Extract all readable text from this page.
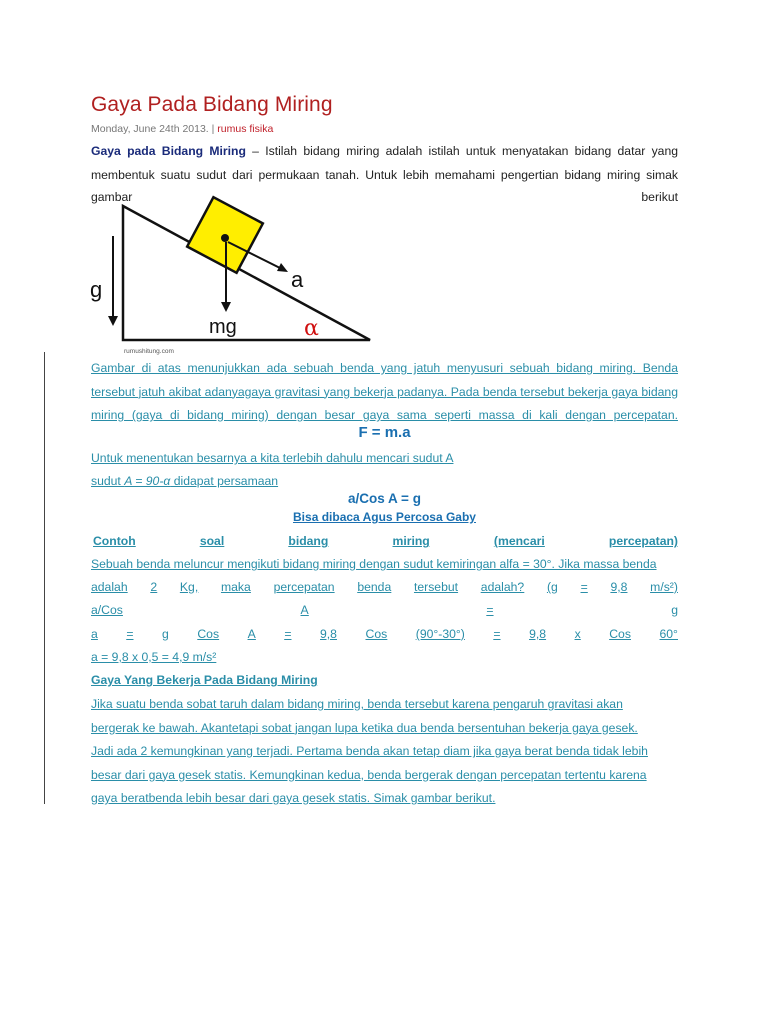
Gaya Pada Bidang Miring
Monday, June 24th 2013. | rumus fisika

Gaya pada Bidang Miring – Istilah bidang miring adalah istilah untuk menyatakan bidang datar yang membentuk suatu sudut dari permukaan tanah. Untuk lebih memahami pengertian bidang miring simak

gambar	berikut
g	a
mg	α
rumushitung.com

Gambar di atas menunjukkan ada sebuah benda yang jatuh menyusuri sebuah bidang miring. Benda tersebut jatuh akibat adanyagaya gravitasi yang bekerja padanya. Pada benda tersebut bekerja gaya bidang miring (gaya di bidang miring) dengan besar gaya sama seperti massa di kali dengan percepatan.

F = m.a
Untuk menentukan besarnya a kita terlebih dahulu mencari sudut A
sudut A = 90-α didapat persamaan
a/Cos A = g
Bisa dibaca Agus Percosa Gaby
Contoh	soal	bidang	miring	(mencari	percepatan)
Sebuah benda meluncur mengikuti bidang miring dengan sudut kemiringan alfa = 30°. Jika massa benda
adalah 2 Kg, maka percepatan benda tersebut adalah? (g = 9,8 m/s²)
a/Cos	A	=	g
a = g Cos A = 9,8 Cos (90°-30°) = 9,8 x Cos 60°
a = 9,8 x 0,5 = 4,9 m/s²
Gaya Yang Bekerja Pada Bidang Miring
Jika suatu benda sobat taruh dalam bidang miring, benda tersebut karena pengaruh gravitasi akan
bergerak ke bawah. Akantetapi sobat jangan lupa ketika dua benda bersentuhan bekerja gaya gesek.
Jadi ada 2 kemungkinan yang terjadi. Pertama benda akan tetap diam jika gaya berat benda tidak lebih
besar dari gaya gesek statis. Kemungkinan kedua, benda bergerak dengan percepatan tertentu karena
gaya beratbenda lebih besar dari gaya gesek statis. Simak gambar berikut.
